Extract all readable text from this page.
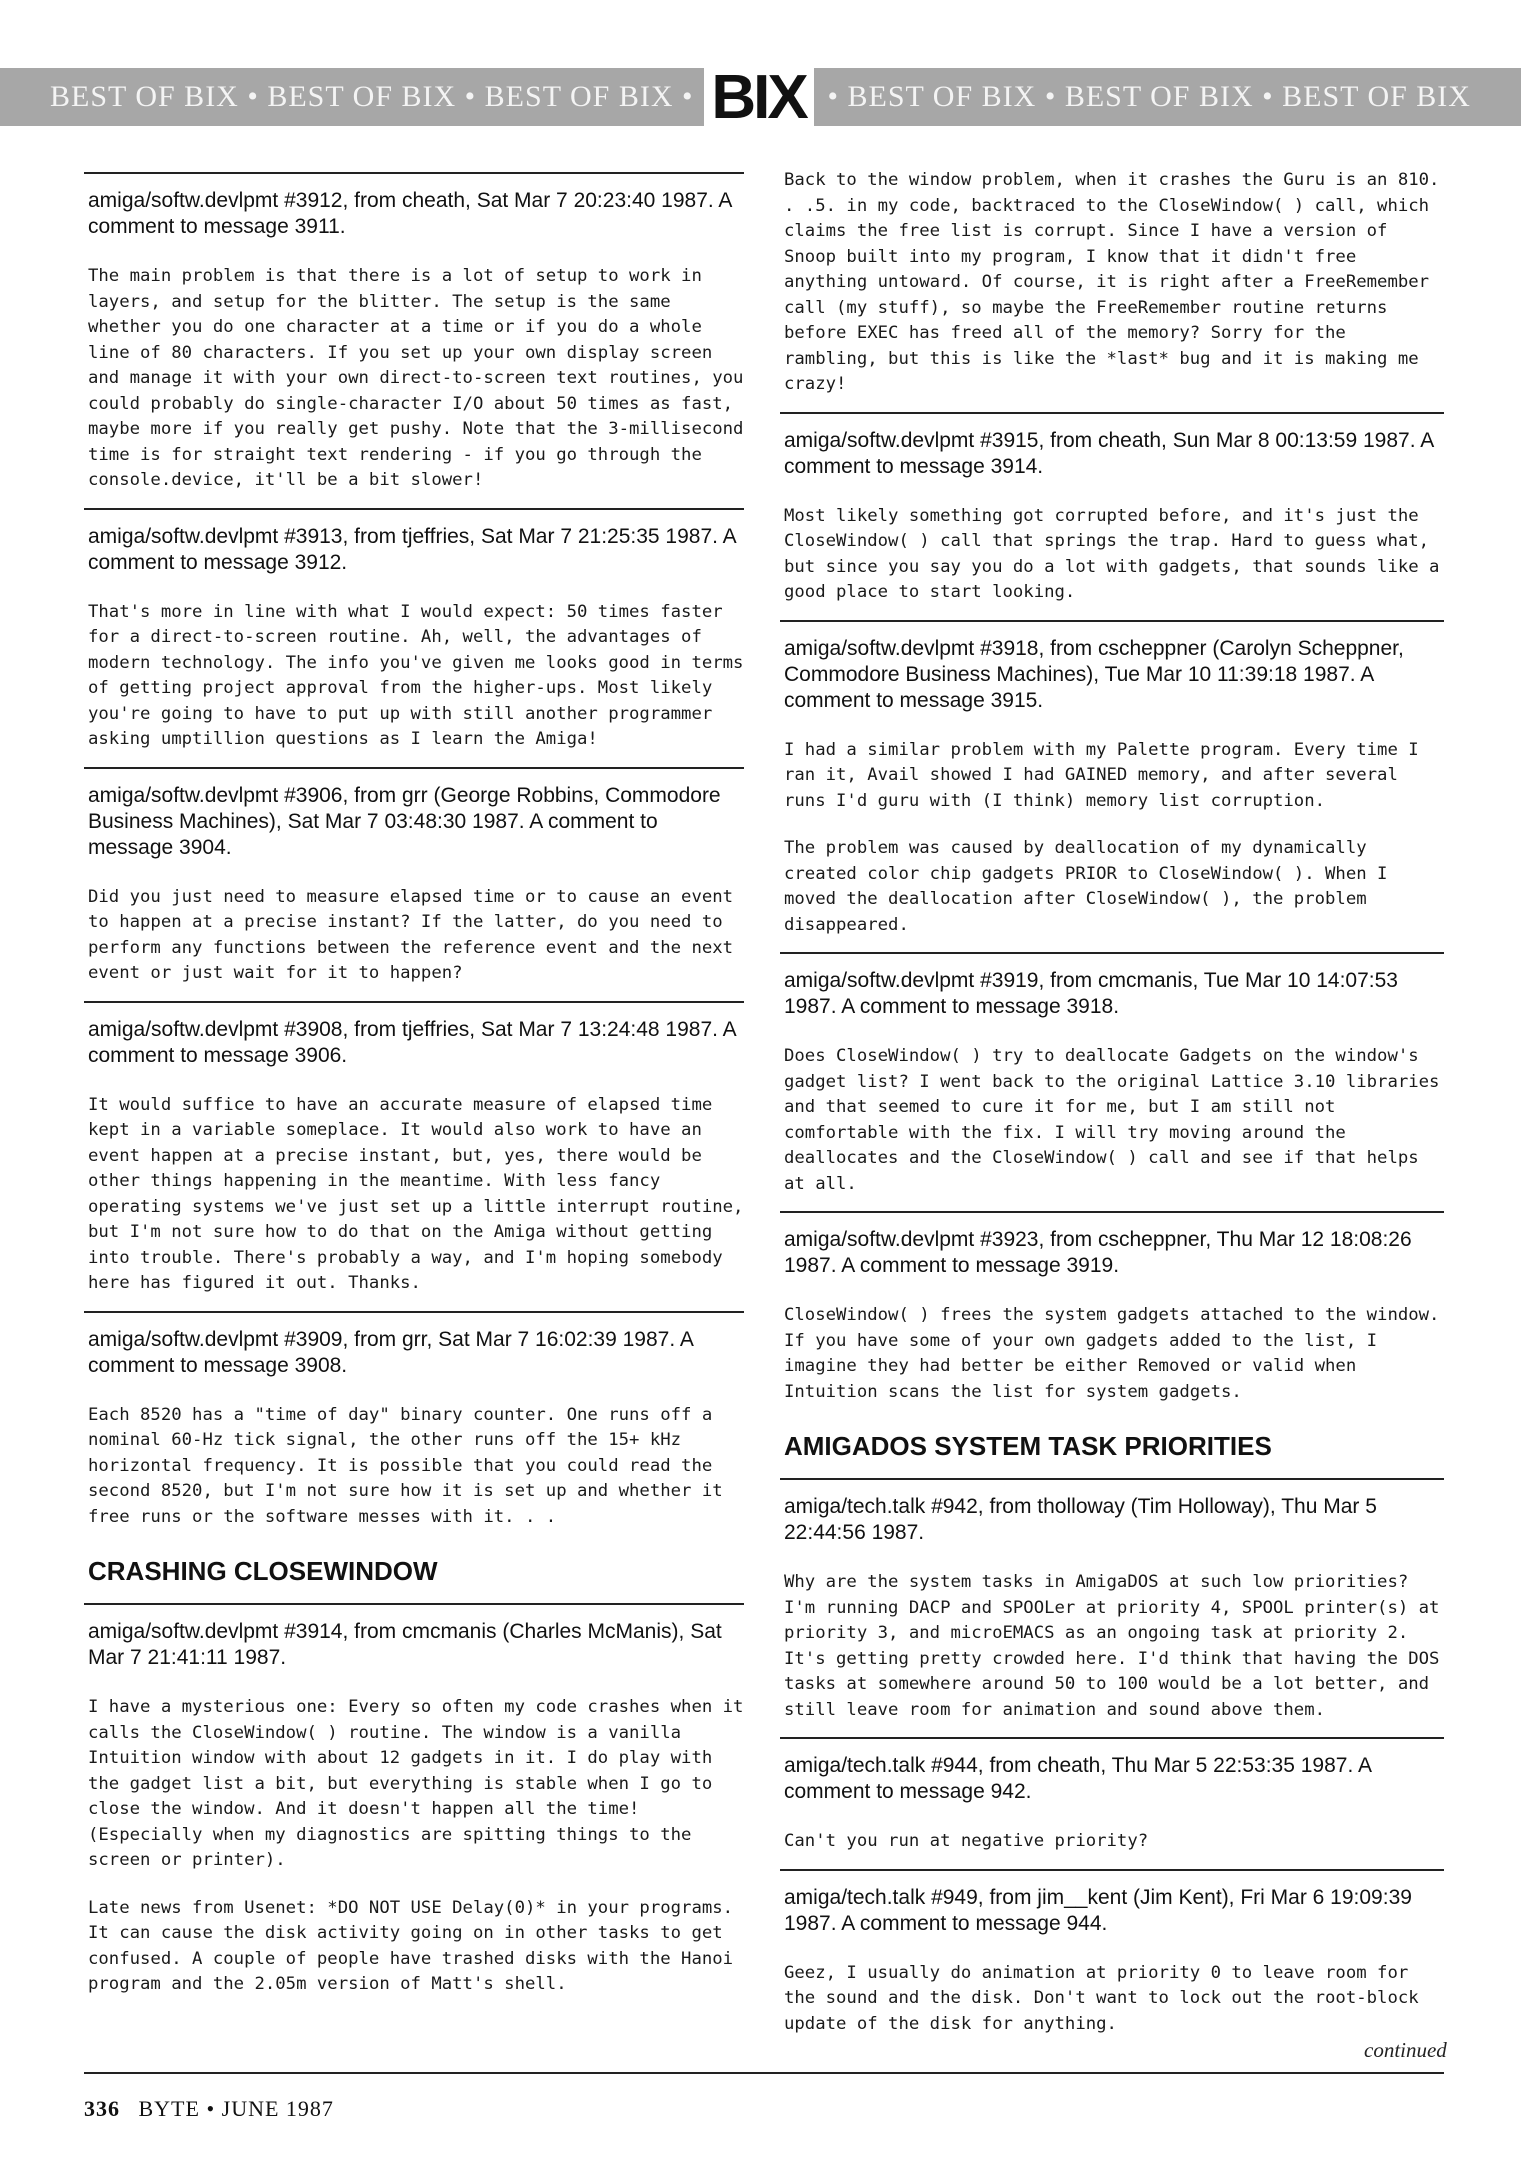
BEST OF BIX • BEST OF BIX • BEST OF BIX • BIX • BEST OF BIX • BEST OF BIX • BEST OF BIX
amiga/softw.devlpmt #3912, from cheath, Sat Mar 7 20:23:40 1987. A comment to message 3911.
The main problem is that there is a lot of setup to work in layers, and setup for the blitter. The setup is the same whether you do one character at a time or if you do a whole line of 80 characters. If you set up your own display screen and manage it with your own direct-to-screen text routines, you could probably do single-character I/O about 50 times as fast, maybe more if you really get pushy. Note that the 3-millisecond time is for straight text rendering - if you go through the console.device, it'll be a bit slower!
amiga/softw.devlpmt #3913, from tjeffries, Sat Mar 7 21:25:35 1987. A comment to message 3912.
That's more in line with what I would expect: 50 times faster for a direct-to-screen routine. Ah, well, the advantages of modern technology. The info you've given me looks good in terms of getting project approval from the higher-ups. Most likely you're going to have to put up with still another programmer asking umptillion questions as I learn the Amiga!
amiga/softw.devlpmt #3906, from grr (George Robbins, Commodore Business Machines), Sat Mar 7 03:48:30 1987. A comment to message 3904.
Did you just need to measure elapsed time or to cause an event to happen at a precise instant? If the latter, do you need to perform any functions between the reference event and the next event or just wait for it to happen?
amiga/softw.devlpmt #3908, from tjeffries, Sat Mar 7 13:24:48 1987. A comment to message 3906.
It would suffice to have an accurate measure of elapsed time kept in a variable someplace. It would also work to have an event happen at a precise instant, but, yes, there would be other things happening in the meantime. With less fancy operating systems we've just set up a little interrupt routine, but I'm not sure how to do that on the Amiga without getting into trouble. There's probably a way, and I'm hoping somebody here has figured it out. Thanks.
amiga/softw.devlpmt #3909, from grr, Sat Mar 7 16:02:39 1987. A comment to message 3908.
Each 8520 has a "time of day" binary counter. One runs off a nominal 60-Hz tick signal, the other runs off the 15+ kHz horizontal frequency. It is possible that you could read the second 8520, but I'm not sure how it is set up and whether it free runs or the software messes with it. . .
CRASHING CLOSEWINDOW
amiga/softw.devlpmt #3914, from cmcmanis (Charles McManis), Sat Mar 7 21:41:11 1987.
I have a mysterious one: Every so often my code crashes when it calls the CloseWindow( ) routine. The window is a vanilla Intuition window with about 12 gadgets in it. I do play with the gadget list a bit, but everything is stable when I go to close the window. And it doesn't happen all the time! (Especially when my diagnostics are spitting things to the screen or printer).
Late news from Usenet: *DO NOT USE Delay(0)* in your programs. It can cause the disk activity going on in other tasks to get confused. A couple of people have trashed disks with the Hanoi program and the 2.05m version of Matt's shell.
Back to the window problem, when it crashes the Guru is an 810. . .5. in my code, backtraced to the CloseWindow( ) call, which claims the free list is corrupt. Since I have a version of Snoop built into my program, I know that it didn't free anything untoward. Of course, it is right after a FreeRemember call (my stuff), so maybe the FreeRemember routine returns before EXEC has freed all of the memory? Sorry for the rambling, but this is like the *last* bug and it is making me crazy!
amiga/softw.devlpmt #3915, from cheath, Sun Mar 8 00:13:59 1987. A comment to message 3914.
Most likely something got corrupted before, and it's just the CloseWindow( ) call that springs the trap. Hard to guess what, but since you say you do a lot with gadgets, that sounds like a good place to start looking.
amiga/softw.devlpmt #3918, from cscheppner (Carolyn Scheppner, Commodore Business Machines), Tue Mar 10 11:39:18 1987. A comment to message 3915.
I had a similar problem with my Palette program. Every time I ran it, Avail showed I had GAINED memory, and after several runs I'd guru with (I think) memory list corruption.
The problem was caused by deallocation of my dynamically created color chip gadgets PRIOR to CloseWindow( ). When I moved the deallocation after CloseWindow( ), the problem disappeared.
amiga/softw.devlpmt #3919, from cmcmanis, Tue Mar 10 14:07:53 1987. A comment to message 3918.
Does CloseWindow( ) try to deallocate Gadgets on the window's gadget list? I went back to the original Lattice 3.10 libraries and that seemed to cure it for me, but I am still not comfortable with the fix. I will try moving around the deallocates and the CloseWindow( ) call and see if that helps at all.
amiga/softw.devlpmt #3923, from cscheppner, Thu Mar 12 18:08:26 1987. A comment to message 3919.
CloseWindow( ) frees the system gadgets attached to the window. If you have some of your own gadgets added to the list, I imagine they had better be either Removed or valid when Intuition scans the list for system gadgets.
AMIGADOS SYSTEM TASK PRIORITIES
amiga/tech.talk #942, from tholloway (Tim Holloway), Thu Mar 5 22:44:56 1987.
Why are the system tasks in AmigaDOS at such low priorities? I'm running DACP and SPOOLer at priority 4, SPOOL printer(s) at priority 3, and microEMACS as an ongoing task at priority 2. It's getting pretty crowded here. I'd think that having the DOS tasks at somewhere around 50 to 100 would be a lot better, and still leave room for animation and sound above them.
amiga/tech.talk #944, from cheath, Thu Mar 5 22:53:35 1987. A comment to message 942.
Can't you run at negative priority?
amiga/tech.talk #949, from jim__kent (Jim Kent), Fri Mar 6 19:09:39 1987. A comment to message 944.
Geez, I usually do animation at priority 0 to leave room for the sound and the disk. Don't want to lock out the root-block update of the disk for anything.
continued
336 BYTE • JUNE 1987
